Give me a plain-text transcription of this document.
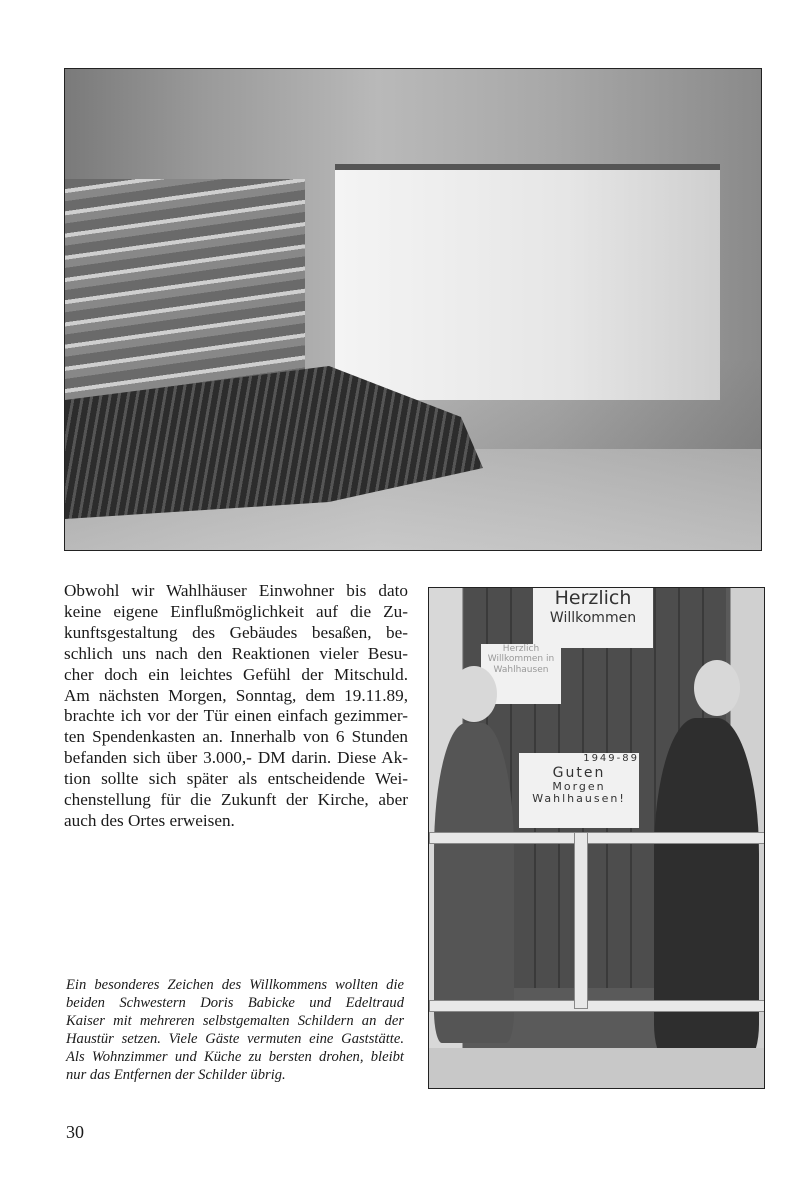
Obwohl wir Wahlhäuser Einwohner bis dato
keine eigene Einflußmöglichkeit auf die Zu-
kunftsgestaltung des Gebäudes besaßen, be-
schlich uns nach den Reaktionen vieler Besu-
cher doch ein leichtes Gefühl der Mitschuld.
Am nächsten Morgen, Sonntag, dem 19.11.89,
brachte ich vor der Tür einen einfach gezimmer-
ten Spendenkasten an. Innerhalb von 6 Stunden
befanden sich über 3.000,- DM darin. Diese Ak-
tion sollte sich später als entscheidende Wei-
chenstellung für die Zukunft der Kirche, aber
auch des Ortes erweisen.
Herzlich
Willkommen
Herzlich Willkommen in Wahlhausen
1949-89
Guten
Morgen
Wahlhausen!
Ein besonderes Zeichen des Willkommens wollten die
beiden Schwestern Doris Babicke und Edeltraud
Kaiser mit mehreren selbstgemalten Schildern an der
Haustür setzen. Viele Gäste vermuten eine Gaststätte.
Als Wohnzimmer und Küche zu bersten drohen, bleibt
nur das Entfernen der Schilder übrig.
30
